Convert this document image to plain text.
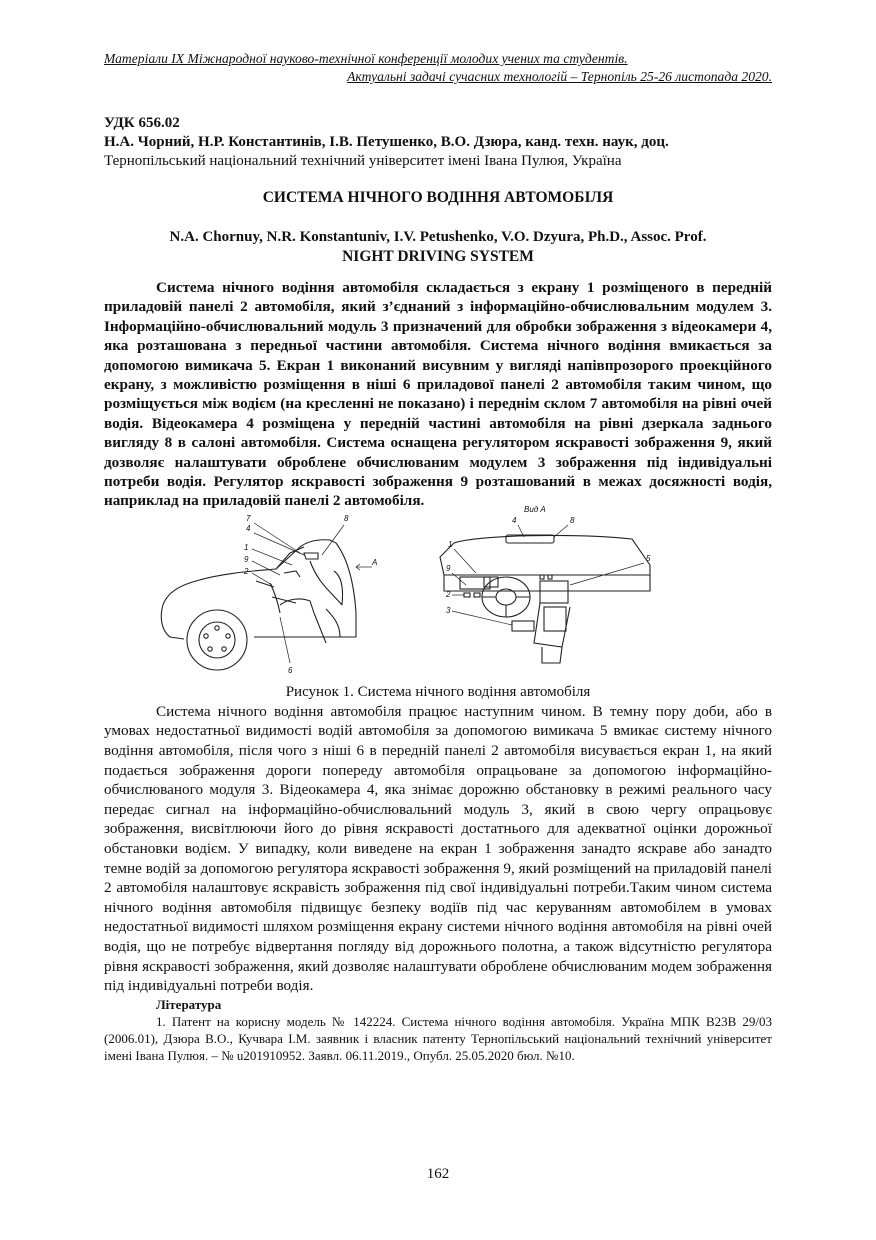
Матеріали IX Міжнародної науково-технічної конференції молодих учених та студентів.
Актуальні задачі сучасних технологій – Тернопіль 25-26 листопада 2020.
УДК 656.02
Н.А. Чорний, Н.Р. Константинів, І.В. Петушенко, В.О. Дзюра, канд. техн. наук, доц.
Тернопільський національний технічний університет імені Івана Пулюя, Україна
СИСТЕМА НІЧНОГО ВОДІННЯ АВТОМОБІЛЯ
N.A. Chornuy, N.R. Konstantuniv, I.V. Petushenko, V.O. Dzyura, Ph.D., Assoc. Prof.
NIGHT DRIVING SYSTEM

Система нічного водіння автомобіля складається з екрану 1 розміщеного в передній приладовій панелі 2 автомобіля, який з’єднаний з інформаційно-обчислювальним модулем 3. Інформаційно-обчислювальний модуль 3 призначений для обробки зображення з відеокамери 4, яка розташована з передньої частини автомобіля. Система нічного водіння вмикається за допомогою вимикача 5. Екран 1 виконаний висувним у вигляді напівпрозорого проекційного екрану, з можливістю розміщення в ніші 6 приладової панелі 2 автомобіля таким чином, що розміщується між водієм (на кресленні не показано) і переднім склом 7 автомобіля на рівні очей водія. Відеокамера 4 розміщена у передній частині автомобіля на рівні дзеркала заднього вигляду 8 в салоні автомобіля. Система оснащена регулятором яскравості зображення 9, який дозволяє налаштувати оброблене обчислюваним модулем 3 зображення під індивідуальні потреби водія. Регулятор яскравості зображення 9 розташований в межах досяжності водія, наприклад на приладовій панелі 2 автомобіля.

7
4
1
9
2
8
A
6
Вид А
4	8
1
9
2
3
5
Рисунок 1. Система нічного водіння автомобіля

Система нічного водіння автомобіля працює наступним чином. В темну пору доби, або в умовах недостатньої видимості водій автомобіля за допомогою вимикача 5 вмикає систему нічного водіння автомобіля, після чого з ніші 6 в передній панелі 2 автомобіля висувається екран 1, на який подається зображення дороги попереду автомобіля опрацьоване за допомогою інформаційно-обчислюваного модуля 3. Відеокамера 4, яка знімає дорожню обстановку в режимі реального часу передає сигнал на інформаційно-обчислювальний модуль 3, який в свою чергу опрацьовує зображення, висвітлюючи його до рівня яскравості достатнього для адекватної оцінки дорожньої обстановки водієм. У випадку, коли виведене на екран 1 зображення занадто яскраве або занадто темне водій за допомогою регулятора яскравості зображення 9, який розміщений на приладовій панелі 2 автомобіля налаштовує яскравість зображення під свої індивідуальні потреби.Таким чином система нічного водіння автомобіля підвищує безпеку водіїв під час керуванням автомобілем в умовах недостатньої видимості шляхом розміщення екрану системи нічного водіння автомобіля на рівні очей водія, що не потребує відвертання погляду від дорожнього полотна, а також відсутністю регулятора рівня яскравості зображення, який дозволяє налаштувати оброблене обчислюваним модем зображення під індивідуальні потреби водія.

Література

1. Патент на корисну модель № 142224. Система нічного водіння автомобіля. Україна МПК B23B 29/03 (2006.01), Дзюра В.О., Кучвара І.М. заявник і власник патенту Тернопільський національний технічний університет імені Івана Пулюя. – № u201910952. Заявл. 06.11.2019., Опубл. 25.05.2020 бюл. №10.

162
